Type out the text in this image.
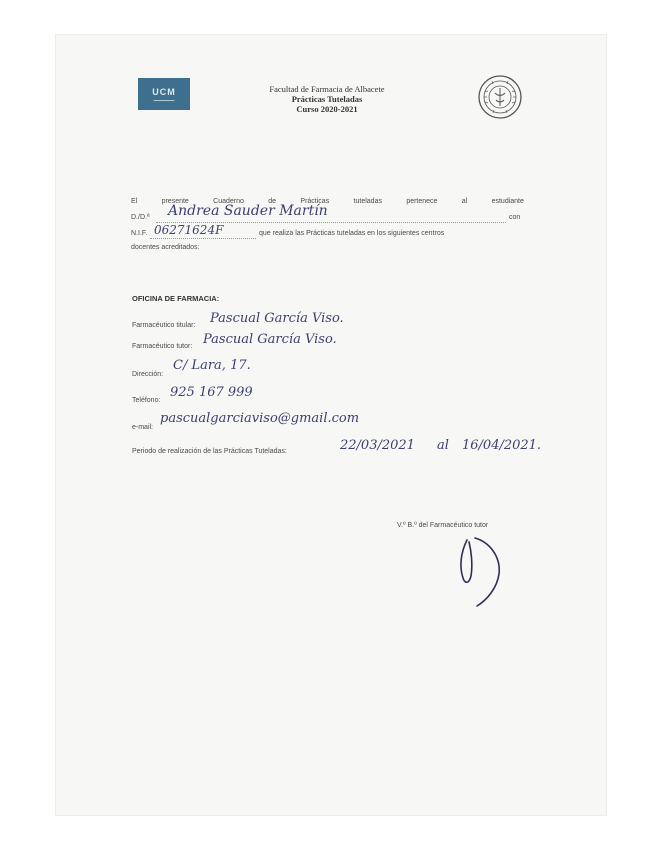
UCM
▬▬▬▬▬▬▬
Facultad de Farmacia de Albacete
Prácticas Tuteladas
Curso 2020-2021
El	presente	Cuaderno	de	Prácticas	tuteladas	pertenece	al	estudiante
D./D.ª Andrea Sauder Martín	con
N.I.F. 06271624F	que realiza las Prácticas tuteladas en los siguientes centros
docentes acreditados:
OFICINA DE FARMACIA:
Farmacéutico titular: Pascual García Viso.
Farmacéutico tutor: Pascual García Viso.
Dirección:
C/ Lara, 17.
Teléfono:
925 167 999
e-mail:
pascualgarciaviso@gmail.com
Periodo de realización de las Prácticas Tuteladas:	22/03/2021 al 16/04/2021.
V.º B.º del Farmacéutico tutor
